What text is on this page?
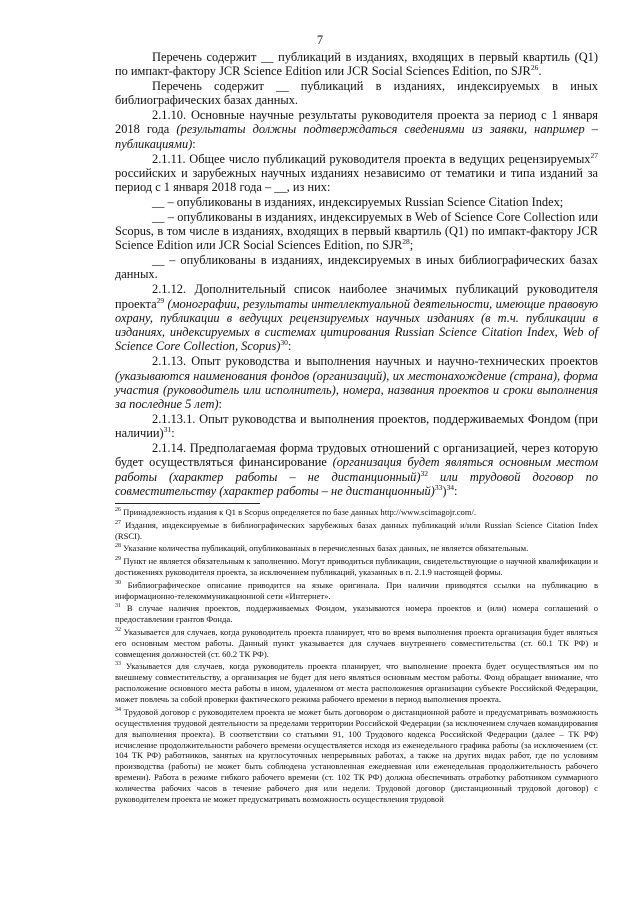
7

Перечень содержит __ публикаций в изданиях, входящих в первый квартиль (Q1) по импакт-фактору JCR Science Edition или JCR Social Sciences Edition, по SJR$^{26}$.

Перечень содержит __ публикаций в изданиях, индексируемых в иных библиографических базах данных.

2.1.10. Основные научные результаты руководителя проекта за период с 1 января 2018 года (результаты должны подтверждаться сведениями из заявки, например – публикациями):

2.1.11. Общее число публикаций руководителя проекта в ведущих рецензируемых$^{27}$ российских и зарубежных научных изданиях независимо от тематики и типа изданий за период с 1 января 2018 года – __, из них:

__ – опубликованы в изданиях, индексируемых Russian Science Citation Index;

__ – опубликованы в изданиях, индексируемых в Web of Science Core Collection или Scopus, в том числе в изданиях, входящих в первый квартиль (Q1) по импакт-фактору JCR Science Edition или JCR Social Sciences Edition, по SJR$^{28}$;

__ – опубликованы в изданиях, индексируемых в иных библиографических базах данных.

2.1.12. Дополнительный список наиболее значимых публикаций руководителя проекта$^{29}$ (монографии, результаты интеллектуальной деятельности, имеющие правовую охрану, публикации в ведущих рецензируемых научных изданиях (в т.ч. публикации в изданиях, индексируемых в системах цитирования Russian Science Citation Index, Web of Science Core Collection, Scopus)$^{30}$:

2.1.13. Опыт руководства и выполнения научных и научно-технических проектов (указываются наименования фондов (организаций), их местонахождение (страна), форма участия (руководитель или исполнитель), номера, названия проектов и сроки выполнения за последние 5 лет):

2.1.13.1. Опыт руководства и выполнения проектов, поддерживаемых Фондом (при наличии)$^{31}$:

2.1.14. Предполагаемая форма трудовых отношений с организацией, через которую будет осуществляться финансирование (организация будет являться основным местом работы (характер работы – не дистанционный)$^{32}$ или трудовой договор по совместительству (характер работы – не дистанционный)$^{33}$)$^{34}$:

$^{26}$ Принадлежность издания к Q1 в Scopus определяется по базе данных http://www.scimagojr.com/.

$^{27}$ Издания, индексируемые в библиографических зарубежных базах данных публикаций и/или Russian Science Citation Index (RSCI).

$^{28}$ Указание количества публикаций, опубликованных в перечисленных базах данных, не является обязательным.

$^{29}$ Пункт не является обязательным к заполнению. Могут приводиться публикации, свидетельствующие о научной квалификации и достижениях руководителя проекта, за исключением публикаций, указанных в п. 2.1.9 настоящей формы.

$^{30}$ Библиографическое описание приводится на языке оригинала. При наличии приводятся ссылки на публикацию в информационно-телекоммуникационной сети «Интернет».

$^{31}$ В случае наличия проектов, поддерживаемых Фондом, указываются номера проектов и (или) номера соглашений о предоставлении грантов Фонда.

$^{32}$ Указывается для случаев, когда руководитель проекта планирует, что во время выполнения проекта организация будет являться его основным местом работы. Данный пункт указывается для случаев внутреннего совместительства (ст. 60.1 ТК РФ) и совмещения должностей (ст. 60.2 ТК РФ).

$^{33}$ Указывается для случаев, когда руководитель проекта планирует, что выполнение проекта будет осуществляться им по внешнему совместительству, а организация не будет для него являться основным местом работы. Фонд обращает внимание, что расположение основного места работы в ином, удаленном от места расположения организации субъекте Российской Федерации, может повлечь за собой проверки фактического режима рабочего времени в период выполнения проекта.

$^{34}$ Трудовой договор с руководителем проекта не может быть договором о дистанционной работе и предусматривать возможность осуществления трудовой деятельности за пределами территории Российской Федерации (за исключением случаев командирования для выполнения проекта). В соответствии со статьями 91, 100 Трудового кодекса Российской Федерации (далее – ТК РФ) исчисление продолжительности рабочего времени осуществляется исходя из еженедельного графика работы (за исключением (ст. 104 ТК РФ) работников, занятых на круглосуточных непрерывных работах, а также на других видах работ, где по условиям производства (работы) не может быть соблюдена установленная ежедневная или еженедельная продолжительность рабочего времени). Работа в режиме гибкого рабочего времени (ст. 102 ТК РФ) должна обеспечивать отработку работником суммарного количества рабочих часов в течение рабочего дня или недели. Трудовой договор (дистанционный трудовой договор) с руководителем проекта не может предусматривать возможность осуществления трудовой
